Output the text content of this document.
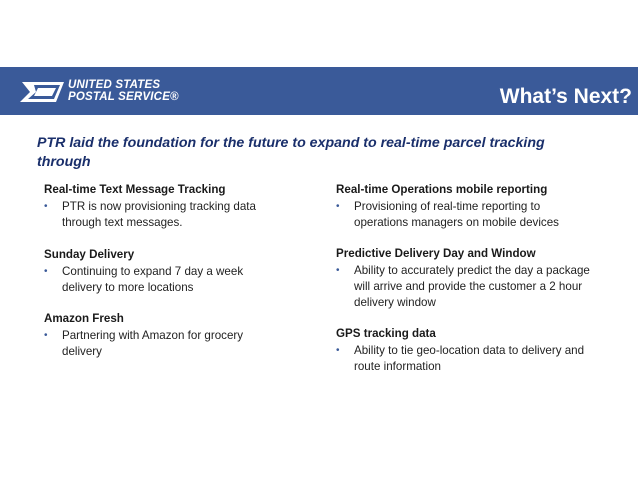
UNITED STATES
POSTAL SERVICE®	What’s Next?
PTR laid the foundation for the future to expand to real-time parcel tracking through
Real-time Text Message Tracking
• PTR is now provisioning tracking data through text messages.
Sunday Delivery
• Continuing to expand 7 day a week delivery to more locations
Amazon Fresh
• Partnering with Amazon for grocery delivery
Real-time Operations mobile reporting
• Provisioning of real-time reporting to operations managers on mobile devices
Predictive Delivery Day and Window
• Ability to accurately predict the day a package will arrive and provide the customer a 2 hour delivery window
GPS tracking data
• Ability to tie geo-location data to delivery and route information
